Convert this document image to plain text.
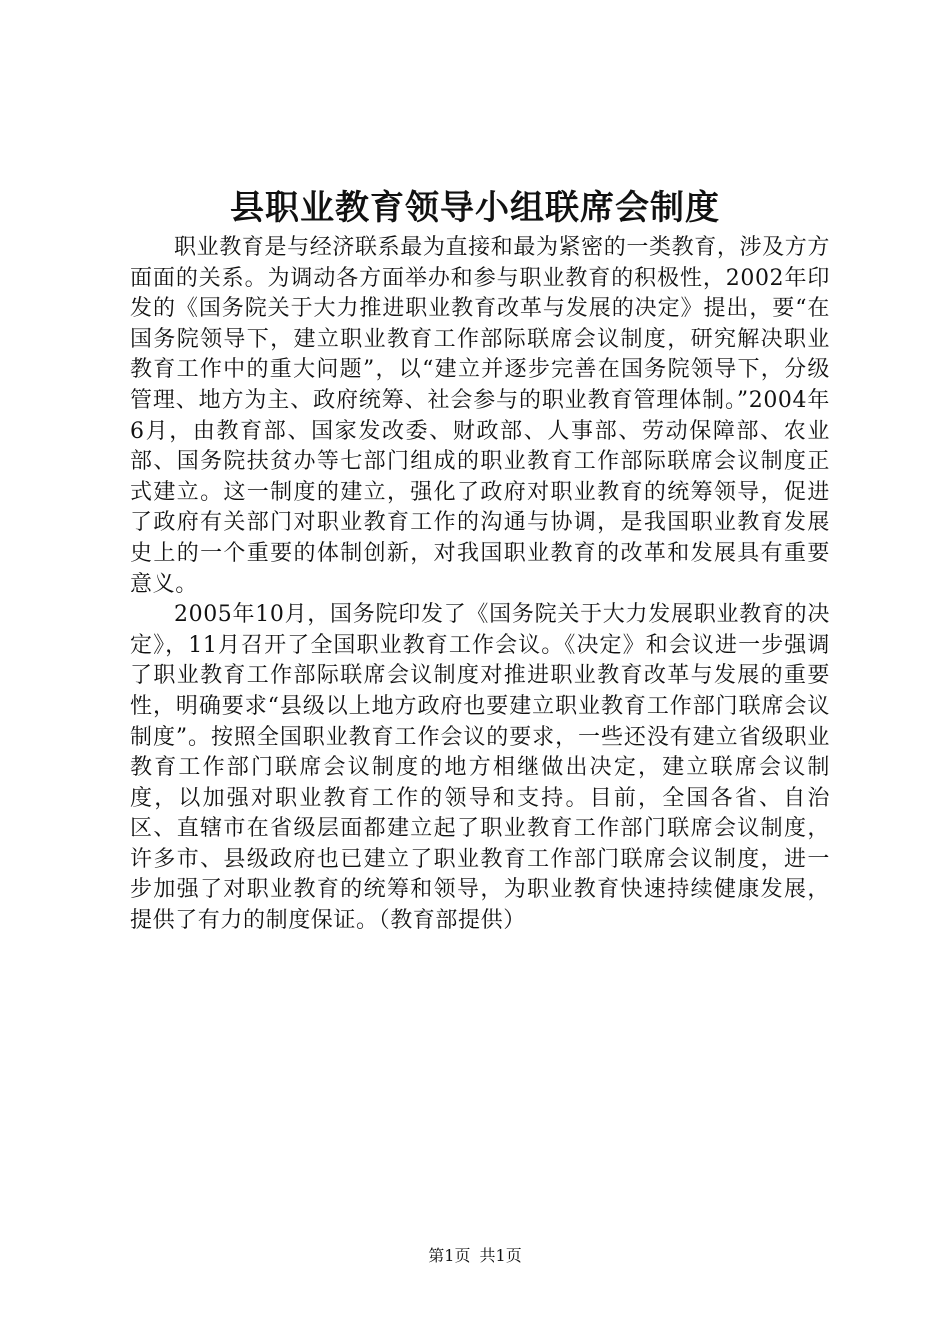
县职业教育领导小组联席会制度

职业教育是与经济联系最为直接和最为紧密的一类教育，涉及方方面面的关系。为调动各方面举办和参与职业教育的积极性，2002年印发的《国务院关于大力推进职业教育改革与发展的决定》提出，要“在国务院领导下，建立职业教育工作部际联席会议制度，研究解决职业教育工作中的重大问题”，以“建立并逐步完善在国务院领导下，分级管理、地方为主、政府统筹、社会参与的职业教育管理体制。”2004年6月，由教育部、国家发改委、财政部、人事部、劳动保障部、农业部、国务院扶贫办等七部门组成的职业教育工作部际联席会议制度正式建立。这一制度的建立，强化了政府对职业教育的统筹领导，促进了政府有关部门对职业教育工作的沟通与协调，是我国职业教育发展史上的一个重要的体制创新，对我国职业教育的改革和发展具有重要意义。

2005年10月，国务院印发了《国务院关于大力发展职业教育的决定》，11月召开了全国职业教育工作会议。《决定》和会议进一步强调了职业教育工作部际联席会议制度对推进职业教育改革与发展的重要性，明确要求“县级以上地方政府也要建立职业教育工作部门联席会议制度”。按照全国职业教育工作会议的要求，一些还没有建立省级职业教育工作部门联席会议制度的地方相继做出决定，建立联席会议制度，以加强对职业教育工作的领导和支持。目前，全国各省、自治区、直辖市在省级层面都建立起了职业教育工作部门联席会议制度，许多市、县级政府也已建立了职业教育工作部门联席会议制度，进一步加强了对职业教育的统筹和领导，为职业教育快速持续健康发展，提供了有力的制度保证。（教育部提供）

第1页 共1页
